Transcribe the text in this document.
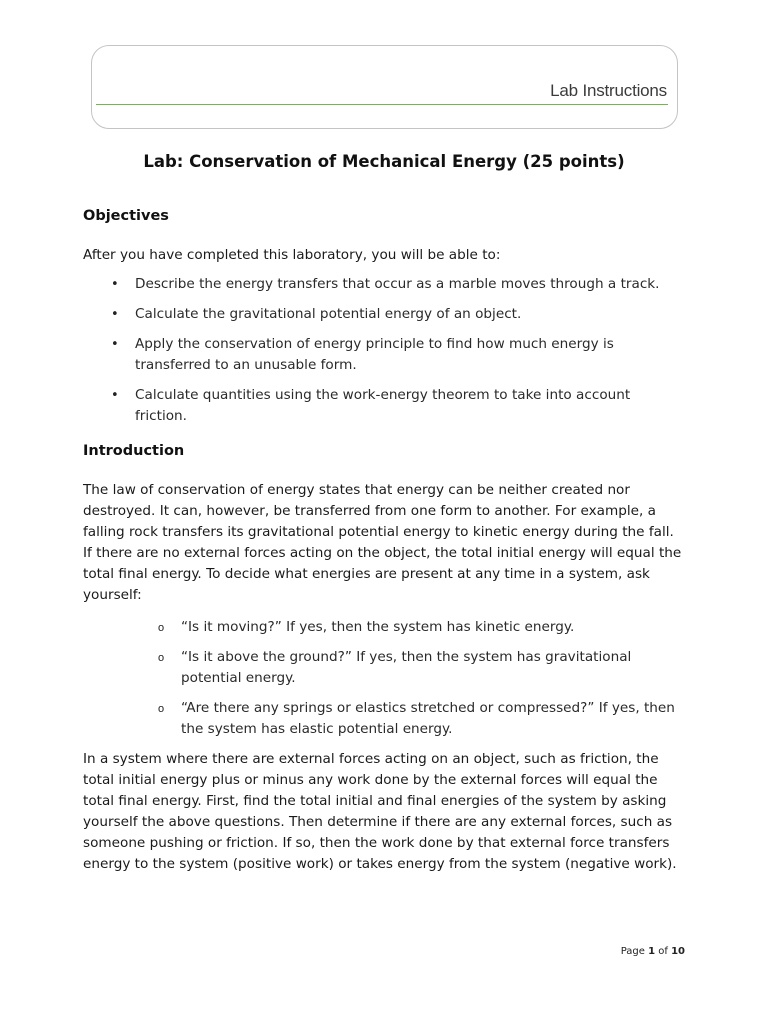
Lab Instructions
Lab: Conservation of Mechanical Energy (25 points)
Objectives

After you have completed this laboratory, you will be able to:

• Describe the energy transfers that occur as a marble moves through a track.
• Calculate the gravitational potential energy of an object.
• Apply the conservation of energy principle to find how much energy is transferred to an unusable form.
• Calculate quantities using the work-energy theorem to take into account friction.
Introduction

The law of conservation of energy states that energy can be neither created nor destroyed. It can, however, be transferred from one form to another. For example, a falling rock transfers its gravitational potential energy to kinetic energy during the fall. If there are no external forces acting on the object, the total initial energy will equal the total final energy. To decide what energies are present at any time in a system, ask yourself:

o “Is it moving?” If yes, then the system has kinetic energy.
o “Is it above the ground?” If yes, then the system has gravitational potential energy.
o “Are there any springs or elastics stretched or compressed?” If yes, then the system has elastic potential energy.

In a system where there are external forces acting on an object, such as friction, the total initial energy plus or minus any work done by the external forces will equal the total final energy. First, find the total initial and final energies of the system by asking yourself the above questions. Then determine if there are any external forces, such as someone pushing or friction. If so, then the work done by that external force transfers energy to the system (positive work) or takes energy from the system (negative work).

Page 1 of 10
